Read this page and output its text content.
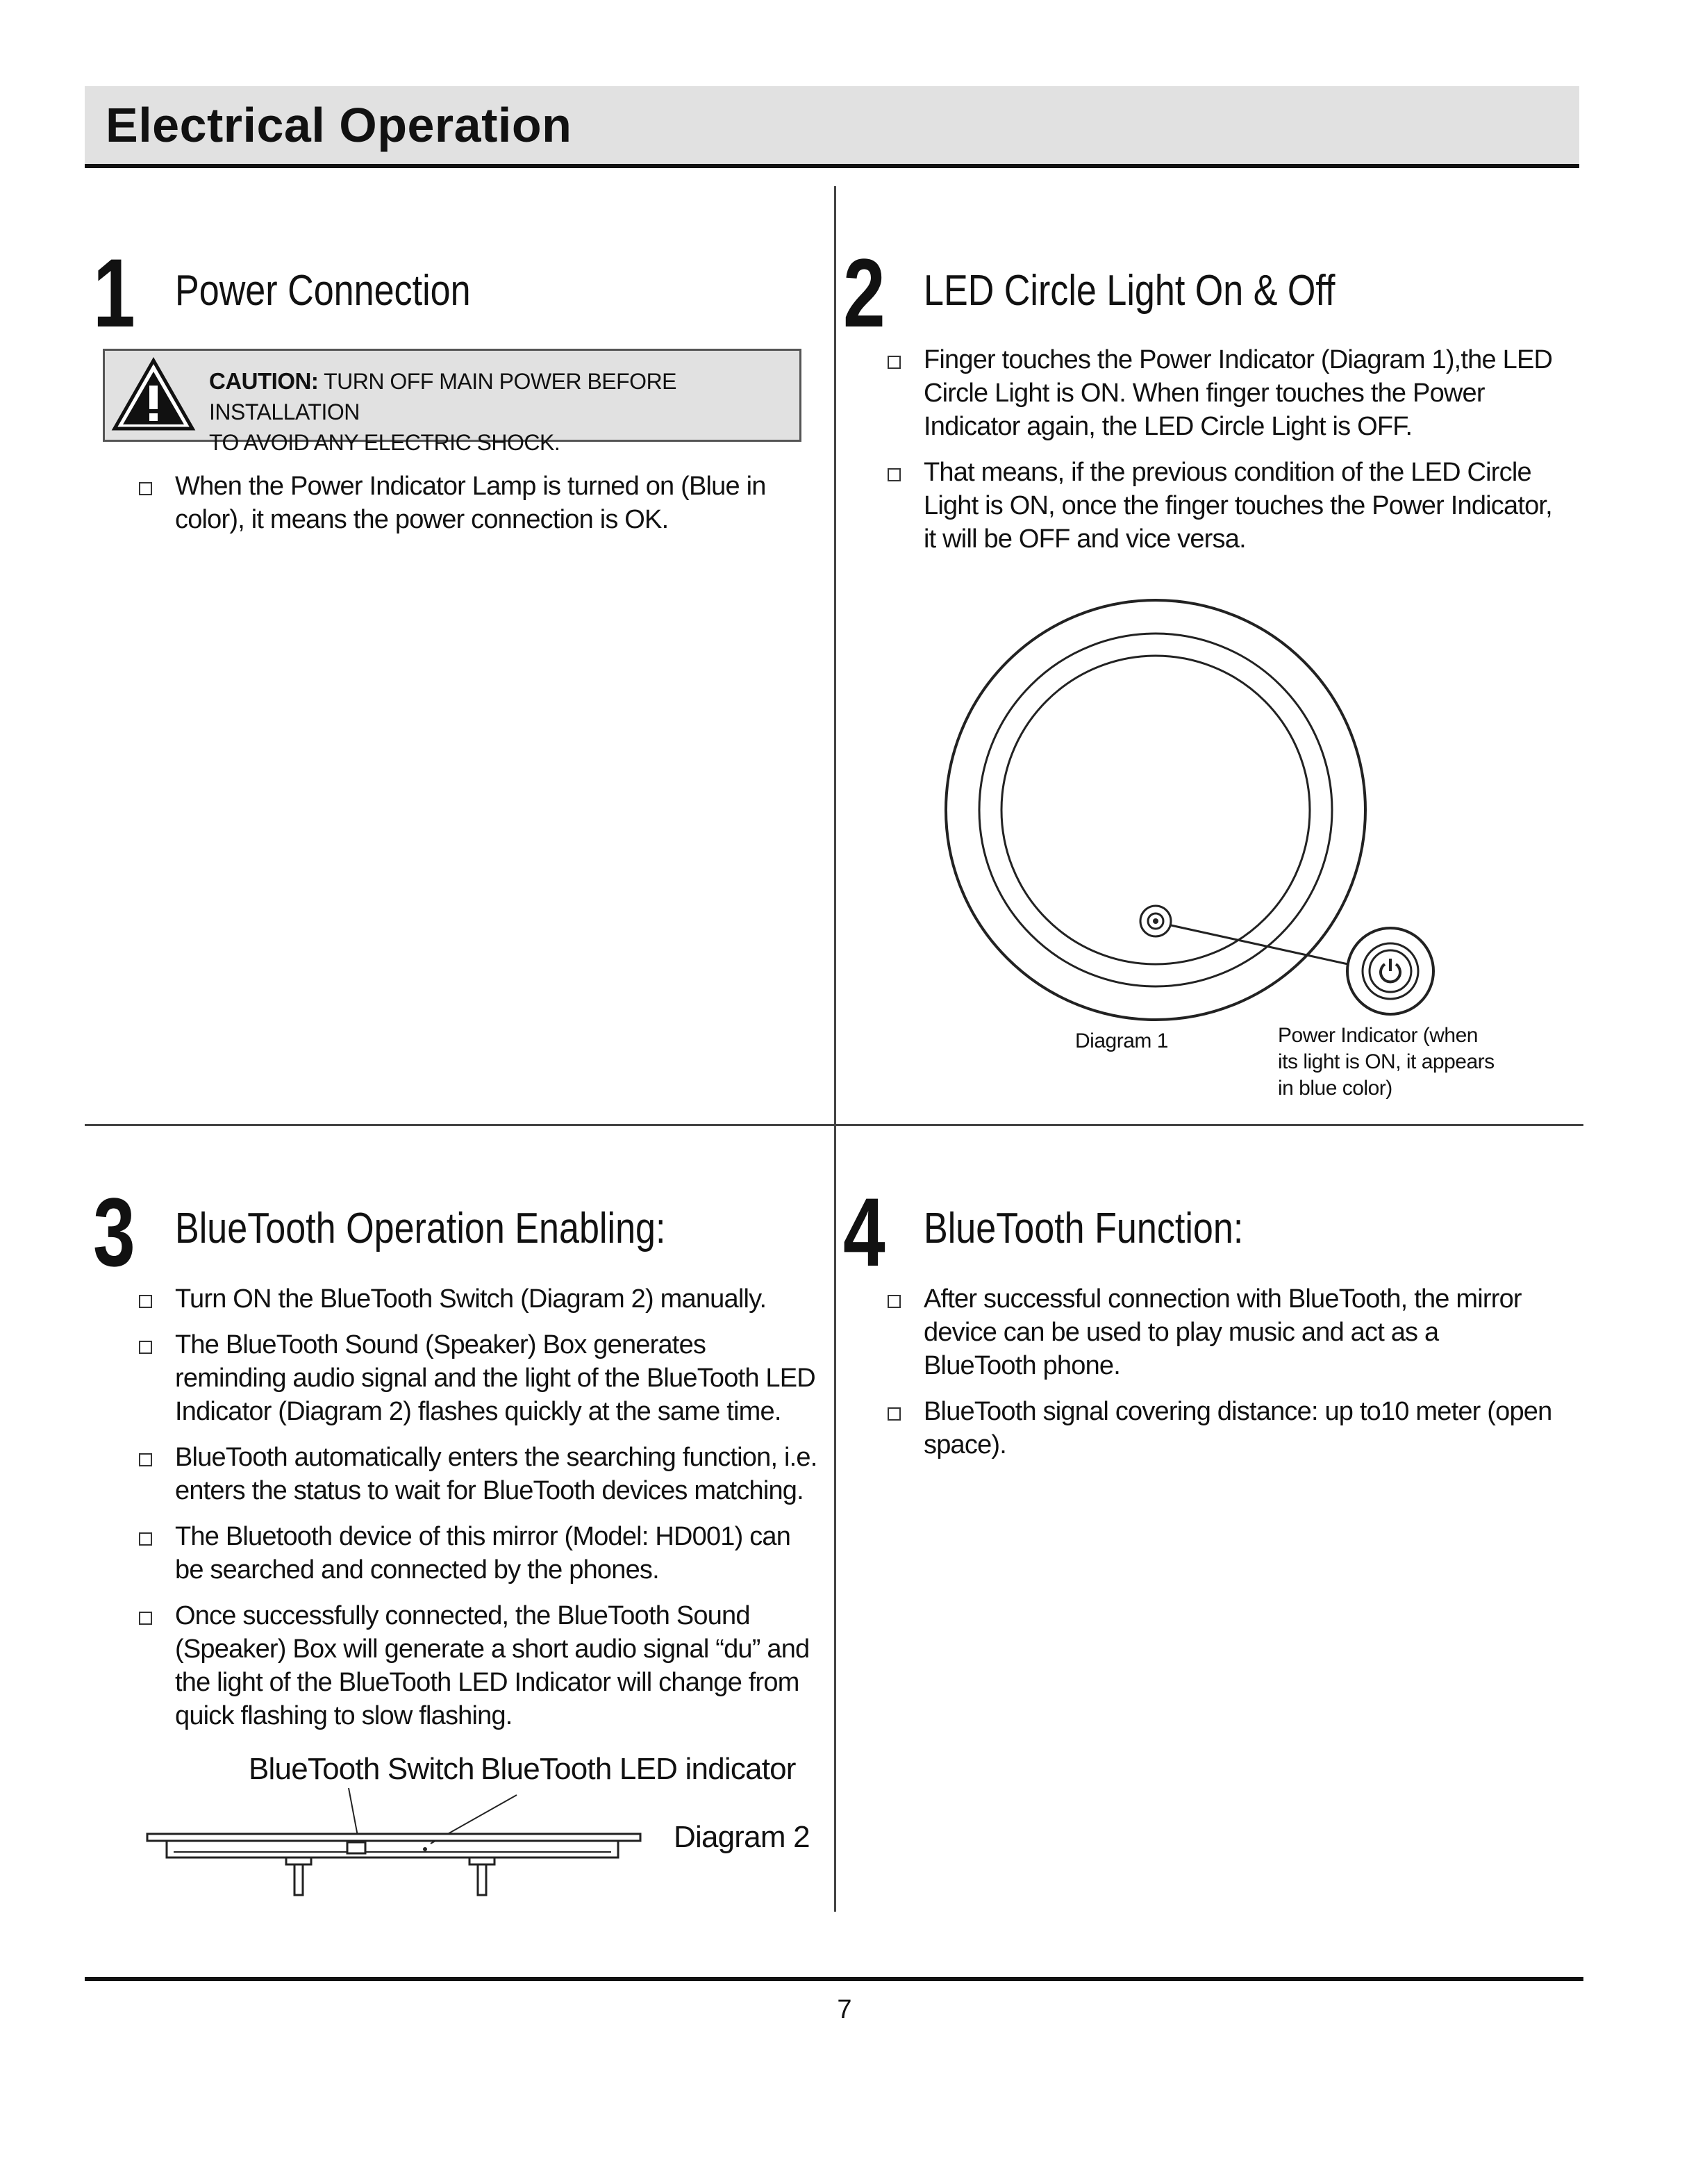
Electrical Operation
1 Power Connection
CAUTION: TURN OFF MAIN POWER BEFORE INSTALLATION
TO AVOID ANY ELECTRIC SHOCK.
When the Power Indicator Lamp is turned on (Blue in color), it means the power connection is OK.
2 LED Circle Light On & Off
Finger touches the Power Indicator (Diagram 1),the LED Circle Light is ON. When finger touches the Power Indicator again, the LED Circle Light is OFF.
That means, if the previous condition of the LED Circle Light is ON, once the finger touches the Power Indicator, it will be OFF and vice versa.
Diagram 1	Power Indicator (when
its light is ON, it appears
in blue color)
3 BlueTooth Operation Enabling:
Turn ON the BlueTooth Switch (Diagram 2) manually.
The BlueTooth Sound (Speaker) Box generates reminding audio signal and the light of the BlueTooth LED Indicator (Diagram 2) flashes quickly at the same time.
BlueTooth automatically enters the searching function, i.e. enters the status to wait for BlueTooth devices matching.
The Bluetooth device of this mirror (Model: HD001) can be searched and connected by the phones.
Once successfully connected, the BlueTooth Sound (Speaker) Box will generate a short audio signal “du” and the light of the BlueTooth LED Indicator will change from quick flashing to slow flashing.
BlueTooth Switch BlueTooth LED indicator
Diagram 2
4 BlueTooth Function:
After successful connection with BlueTooth, the mirror device can be used to play music and act as a BlueTooth phone.
BlueTooth signal covering distance: up to10 meter (open space).
7
